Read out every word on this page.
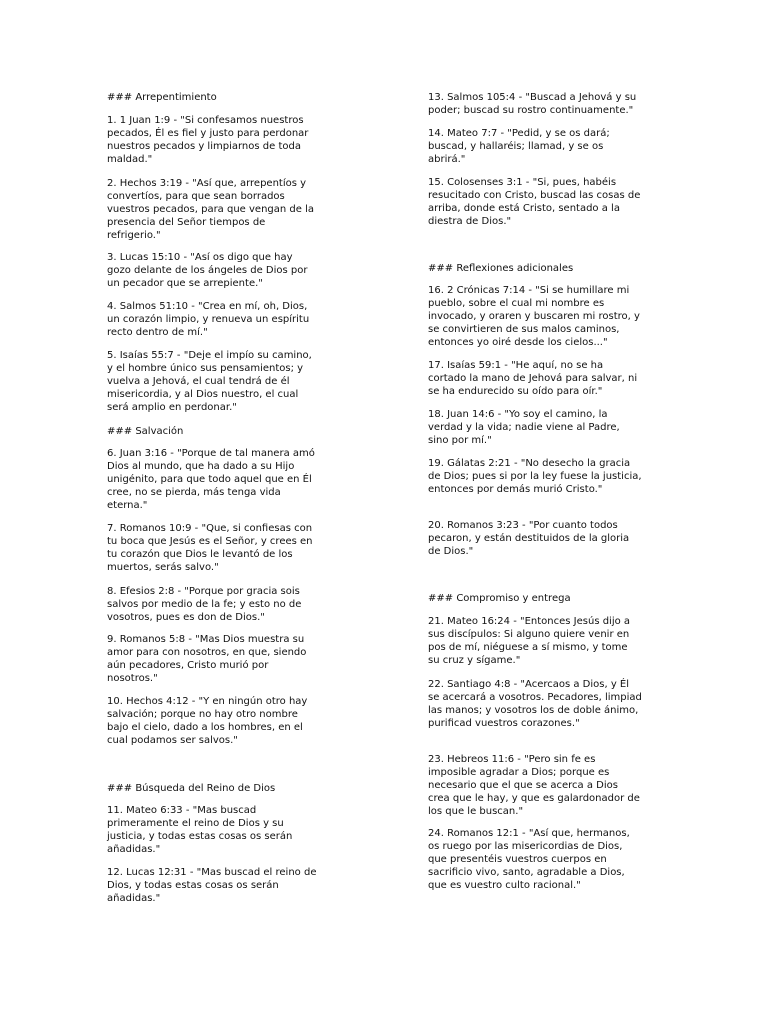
### Arrepentimiento

1. 1 Juan 1:9 - "Si confesamos nuestros pecados, Él es fiel y justo para perdonar nuestros pecados y limpiarnos de toda maldad."

2. Hechos 3:19 - "Así que, arrepentíos y convertíos, para que sean borrados vuestros pecados, para que vengan de la presencia del Señor tiempos de refrigerio."

3. Lucas 15:10 - "Así os digo que hay gozo delante de los ángeles de Dios por un pecador que se arrepiente."

4. Salmos 51:10 - "Crea en mí, oh, Dios, un corazón limpio, y renueva un espíritu recto dentro de mí."

5. Isaías 55:7 - "Deje el impío su camino, y el hombre único sus pensamientos; y vuelva a Jehová, el cual tendrá de él misericordia, y al Dios nuestro, el cual será amplio en perdonar."

### Salvación

6. Juan 3:16 - "Porque de tal manera amó Dios al mundo, que ha dado a su Hijo unigénito, para que todo aquel que en Él cree, no se pierda, más tenga vida eterna."

7. Romanos 10:9 - "Que, si confiesas con tu boca que Jesús es el Señor, y crees en tu corazón que Dios le levantó de los muertos, serás salvo."

8. Efesios 2:8 - "Porque por gracia sois salvos por medio de la fe; y esto no de vosotros, pues es don de Dios."

9. Romanos 5:8 - "Mas Dios muestra su amor para con nosotros, en que, siendo aún pecadores, Cristo murió por nosotros."

10. Hechos 4:12 - "Y en ningún otro hay salvación; porque no hay otro nombre bajo el cielo, dado a los hombres, en el cual podamos ser salvos."

### Búsqueda del Reino de Dios

11. Mateo 6:33 - "Mas buscad primeramente el reino de Dios y su justicia, y todas estas cosas os serán añadidas."

12. Lucas 12:31 - "Mas buscad el reino de Dios, y todas estas cosas os serán añadidas."

13. Salmos 105:4 - "Buscad a Jehová y su poder; buscad su rostro continuamente."

14. Mateo 7:7 - "Pedid, y se os dará; buscad, y hallaréis; llamad, y se os abrirá."

15. Colosenses 3:1 - "Si, pues, habéis resucitado con Cristo, buscad las cosas de arriba, donde está Cristo, sentado a la diestra de Dios."

### Reflexiones adicionales

16. 2 Crónicas 7:14 - "Si se humillare mi pueblo, sobre el cual mi nombre es invocado, y oraren y buscaren mi rostro, y se convirtieren de sus malos caminos, entonces yo oiré desde los cielos..."

17. Isaías 59:1 - "He aquí, no se ha cortado la mano de Jehová para salvar, ni se ha endurecido su oído para oír."

18. Juan 14:6 - "Yo soy el camino, la verdad y la vida; nadie viene al Padre, sino por mí."

19. Gálatas 2:21 - "No desecho la gracia de Dios; pues si por la ley fuese la justicia, entonces por demás murió Cristo."

20. Romanos 3:23 - "Por cuanto todos pecaron, y están destituidos de la gloria de Dios."

### Compromiso y entrega

21. Mateo 16:24 - "Entonces Jesús dijo a sus discípulos: Si alguno quiere venir en pos de mí, niéguese a sí mismo, y tome su cruz y sígame."

22. Santiago 4:8 - "Acercaos a Dios, y Él se acercará a vosotros. Pecadores, limpiad las manos; y vosotros los de doble ánimo, purificad vuestros corazones."

23. Hebreos 11:6 - "Pero sin fe es imposible agradar a Dios; porque es necesario que el que se acerca a Dios crea que le hay, y que es galardonador de los que le buscan."

24. Romanos 12:1 - "Así que, hermanos, os ruego por las misericordias de Dios, que presentéis vuestros cuerpos en sacrificio vivo, santo, agradable a Dios, que es vuestro culto racional."
